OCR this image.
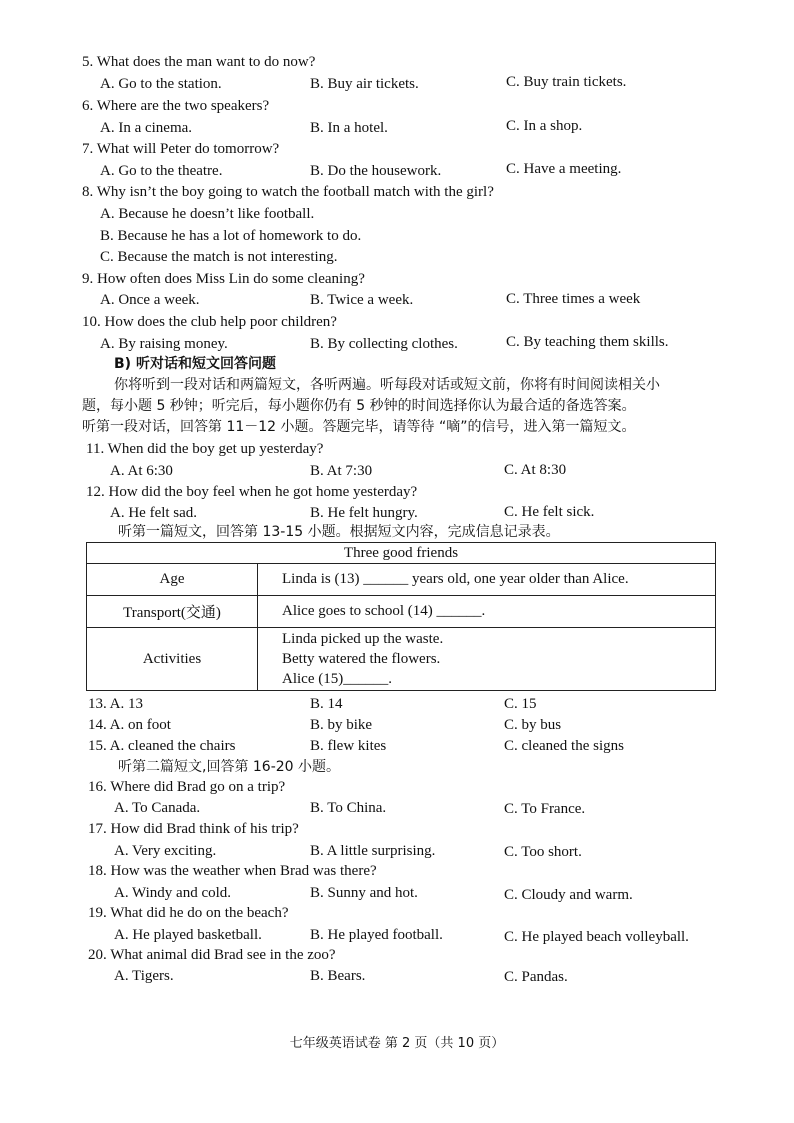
5. What does the man want to do now?
A. Go to the station.	B. Buy air tickets.	C. Buy train tickets.
6. Where are the two speakers?
A. In a cinema.	B. In a hotel.	C. In a shop.
7. What will Peter do tomorrow?
A. Go to the theatre.	B. Do the housework.	C. Have a meeting.
8. Why isn’t the boy going to watch the football match with the girl?
A. Because he doesn’t like football.
B. Because he has a lot of homework to do.
C. Because the match is not interesting.
9. How often does Miss Lin do some cleaning?
A. Once a week.	B. Twice a week.	C. Three times a week
10. How does the club help poor children?
A. By raising money.	B. By collecting clothes.	C. By teaching them skills.
B) 听对话和短文回答问题
你将听到一段对话和两篇短文，各听两遍。听每段对话或短文前，你将有时间阅读相关小
题，每小题 5 秒钟；听完后，每小题你仍有 5 秒钟的时间选择你认为最合适的备选答案。
听第一段对话，回答第 11－12 小题。答题完毕，请等待 “嘀”的信号，进入第一篇短文。
11. When did the boy get up yesterday?
A. At 6:30	B. At 7:30	C. At 8:30
12. How did the boy feel when he got home yesterday?
A. He felt sad.	B. He felt hungry.	C. He felt sick.
听第一篇短文，回答第 13-15 小题。根据短文内容，完成信息记录表。
Three good friends	
Age	Linda is (13) ______ years old, one year older than Alice.
Transport(交通)	Alice goes to school (14) ______.
Activities	Linda picked up the waste.
Betty watered the flowers.
Alice (15)______.
13. A. 13	B. 14	C. 15
14. A. on foot	B. by bike	C. by bus
15. A. cleaned the chairs	B. flew kites	C. cleaned the signs
听第二篇短文,回答第 16-20 小题。
16. Where did Brad go on a trip?
A. To Canada.	B. To China.	C. To France.
17. How did Brad think of his trip?
A. Very exciting.	B. A little surprising.	C. Too short.
18. How was the weather when Brad was there?
A. Windy and cold.	B. Sunny and hot.	C. Cloudy and warm.
19. What did he do on the beach?
A. He played basketball.	B. He played football.	C. He played beach volleyball.
20. What animal did Brad see in the zoo?
A. Tigers.	B. Bears.	C. Pandas.
七年级英语试卷 第 2 页（共 10 页）
